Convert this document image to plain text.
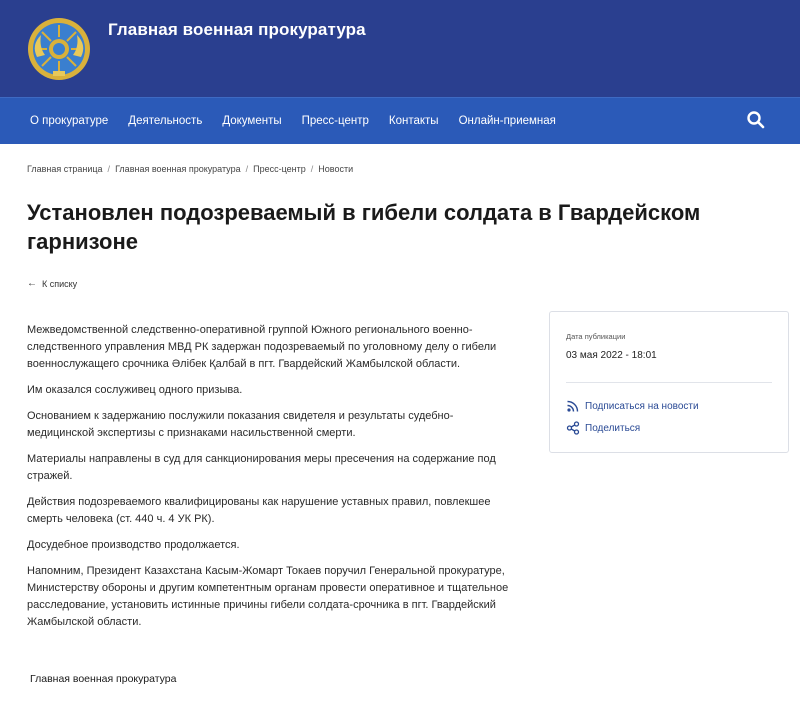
Главная военная прокуратура
О прокуратуре Деятельность Документы Пресс-центр Контакты Онлайн-приемная
Главная страница / Главная военная прокуратура / Пресс-центр / Новости
Установлен подозреваемый в гибели солдата в Гвардейском гарнизоне
← К списку

Межведомственной следственно-оперативной группой Южного регионального военно-следственного управления МВД РК задержан подозреваемый по уголовному делу о гибели военнослужащего срочника Әлібек Қалбай в пгт. Гвардейский Жамбылской области.

Им оказался сослуживец одного призыва.

Основанием к задержанию послужили показания свидетеля и результаты судебно-медицинской экспертизы с признаками насильственной смерти.

Материалы направлены в суд для санкционирования меры пресечения на содержание под стражей.

Действия подозреваемого квалифицированы как нарушение уставных правил, повлекшее смерть человека (ст. 440 ч. 4 УК РК).

Досудебное производство продолжается.

Напомним, Президент Казахстана Касым-Жомарт Токаев поручил Генеральной прокуратуре, Министерству обороны и другим компетентным органам провести оперативное и тщательное расследование, установить истинные причины гибели солдата-срочника в пгт. Гвардейский Жамбылской области.

Дата публикации
03 мая 2022 - 18:01
Подписаться на новости
Поделиться
Главная военная прокуратура
